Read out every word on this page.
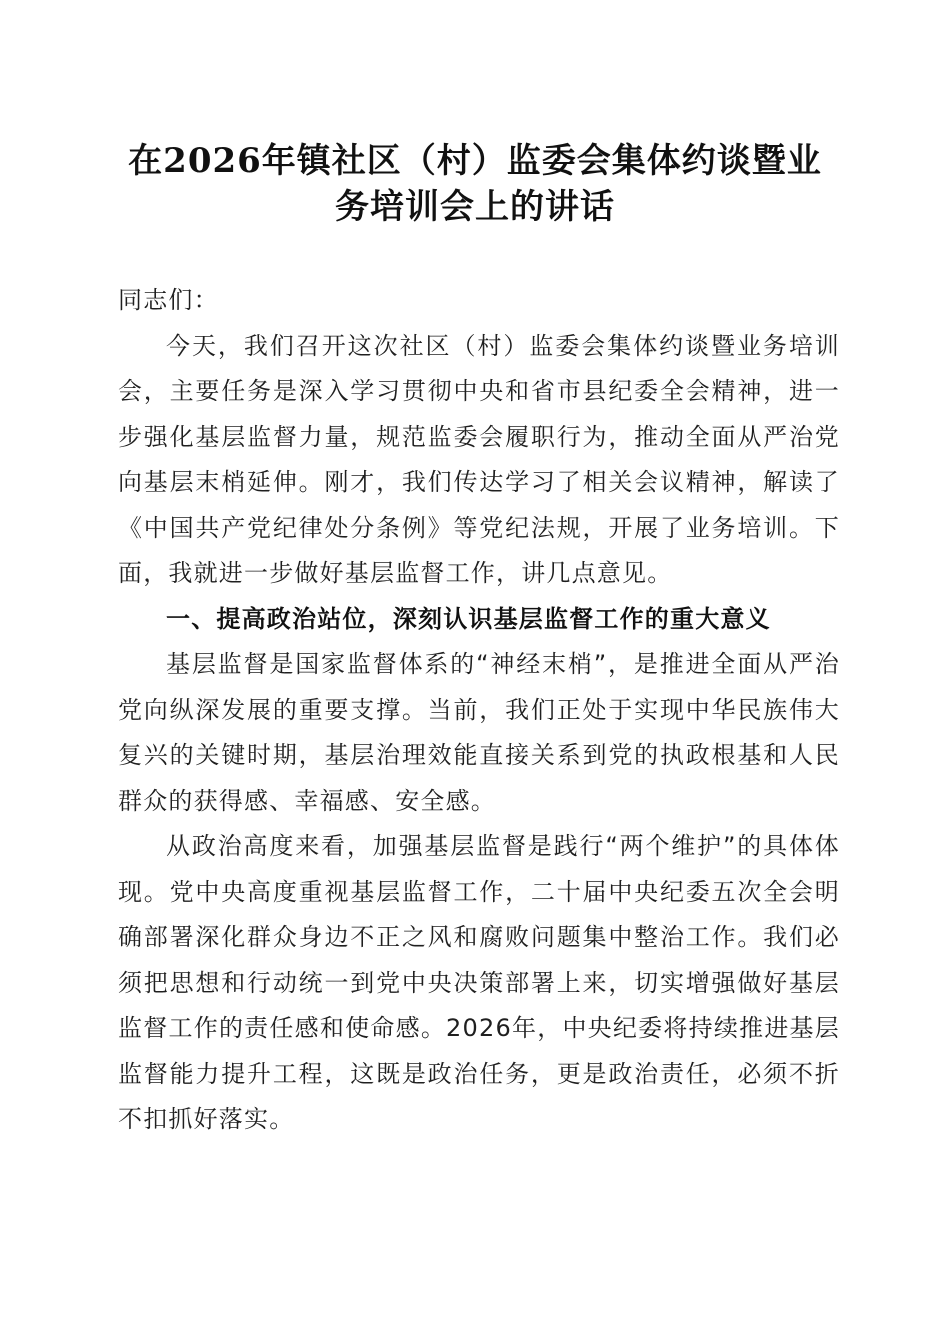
在2026年镇社区（村）监委会集体约谈暨业
务培训会上的讲话

同志们：

今天，我们召开这次社区（村）监委会集体约谈暨业务培训会，主要任务是深入学习贯彻中央和省市县纪委全会精神，进一步强化基层监督力量，规范监委会履职行为，推动全面从严治党向基层末梢延伸。刚才，我们传达学习了相关会议精神，解读了《中国共产党纪律处分条例》等党纪法规，开展了业务培训。下面，我就进一步做好基层监督工作，讲几点意见。

一、提高政治站位，深刻认识基层监督工作的重大意义

基层监督是国家监督体系的“神经末梢”，是推进全面从严治党向纵深发展的重要支撑。当前，我们正处于实现中华民族伟大复兴的关键时期，基层治理效能直接关系到党的执政根基和人民群众的获得感、幸福感、安全感。

从政治高度来看，加强基层监督是践行“两个维护”的具体体现。党中央高度重视基层监督工作，二十届中央纪委五次全会明确部署深化群众身边不正之风和腐败问题集中整治工作。我们必须把思想和行动统一到党中央决策部署上来，切实增强做好基层监督工作的责任感和使命感。2026年，中央纪委将持续推进基层监督能力提升工程，这既是政治任务，更是政治责任，必须不折不扣抓好落实。
